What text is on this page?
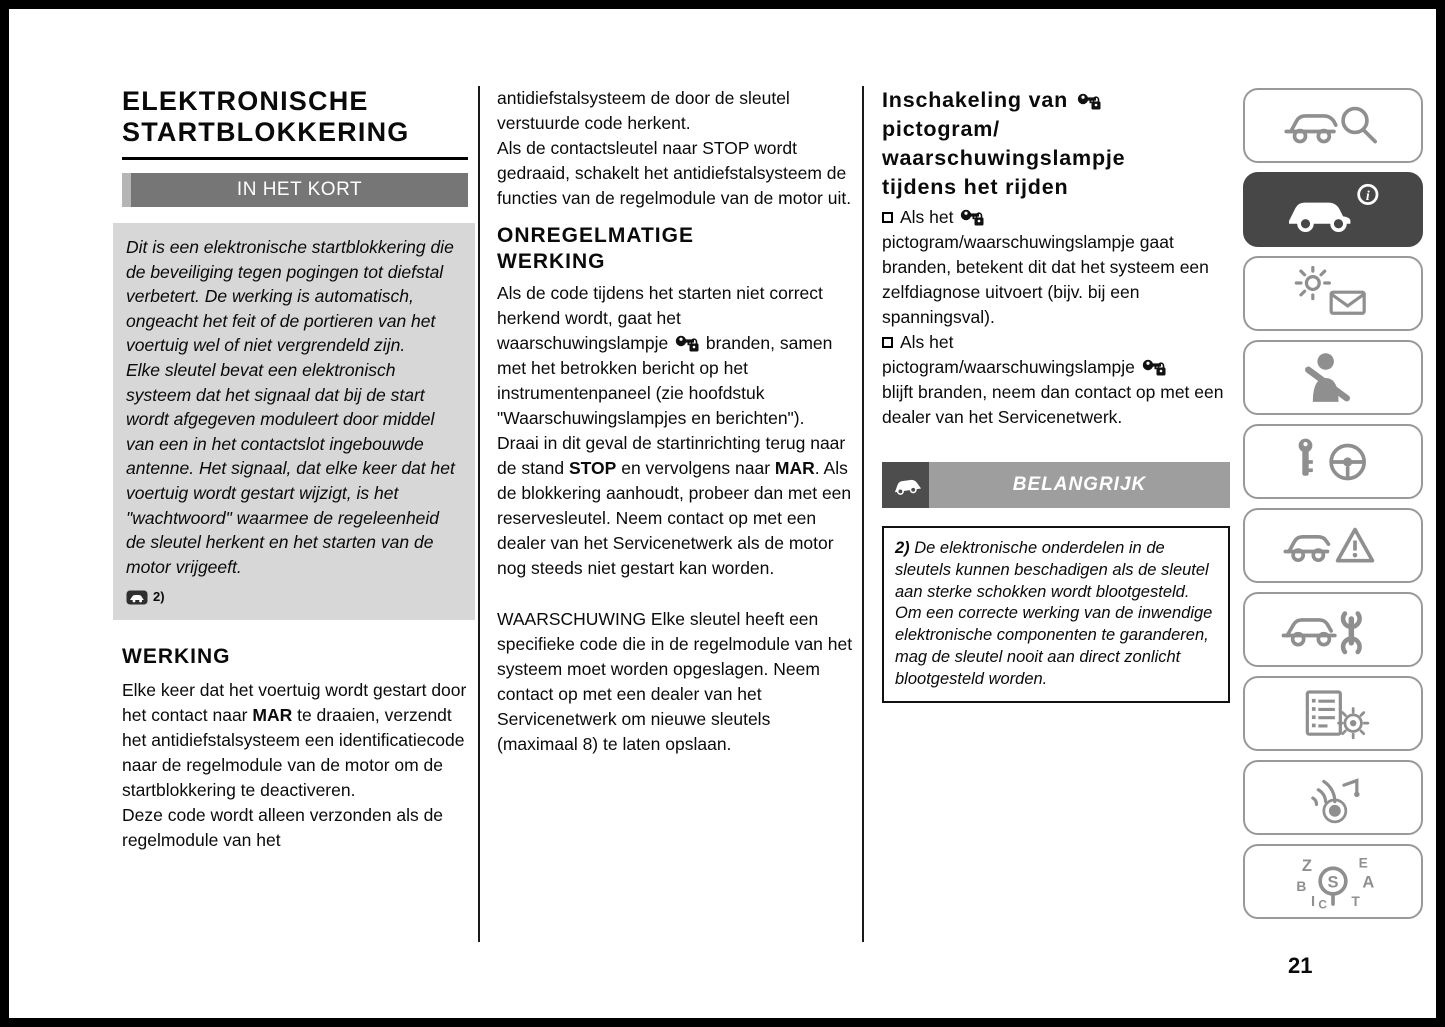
ELEKTRONISCHE
STARTBLOKKERING
IN HET KORT
Dit is een elektronische startblokkering die de beveiliging tegen pogingen tot diefstal verbetert. De werking is automatisch, ongeacht het feit of de portieren van het voertuig wel of niet vergrendeld zijn.
Elke sleutel bevat een elektronisch systeem dat het signaal dat bij de start wordt afgegeven moduleert door middel van een in het contactslot ingebouwde antenne. Het signaal, dat elke keer dat het voertuig wordt gestart wijzigt, is het "wachtwoord" waarmee de regeleenheid de sleutel herkent en het starten van de motor vrijgeeft.
2)
WERKING

Elke keer dat het voertuig wordt gestart door het contact naar MAR te draaien, verzendt het antidiefstalsysteem een identificatiecode naar de regelmodule van de motor om de startblokkering te deactiveren.

Deze code wordt alleen verzonden als de regelmodule van het

antidiefstalsysteem de door de sleutel verstuurde code herkent.

Als de contactsleutel naar STOP wordt gedraaid, schakelt het antidiefstalsysteem de functies van de regelmodule van de motor uit.

ONREGELMATIGE
WERKING

Als de code tijdens het starten niet correct herkend wordt, gaat het waarschuwingslampje  branden, samen met het betrokken bericht op het instrumentenpaneel (zie hoofdstuk "Waarschuwingslampjes en berichten").

Draai in dit geval de startinrichting terug naar de stand STOP en vervolgens naar MAR. Als de blokkering aanhoudt, probeer dan met een reservesleutel. Neem contact op met een dealer van het Servicenetwerk als de motor nog steeds niet gestart kan worden.

WAARSCHUWING Elke sleutel heeft een specifieke code die in de regelmodule van het systeem moet worden opgeslagen. Neem contact op met een dealer van het Servicenetwerk om nieuwe sleutels (maximaal 8) te laten opslaan.

Inschakeling van
pictogram/
waarschuwingslampje
tijdens het rijden

Als het
pictogram/waarschuwingslampje gaat branden, betekent dit dat het systeem een zelfdiagnose uitvoert (bijv. bij een spanningsval).

Als het
pictogram/waarschuwingslampje
blijft branden, neem dan contact op met een dealer van het Servicenetwerk.

BELANGRIJK
2) De elektronische onderdelen in de sleutels kunnen beschadigen als de sleutel aan sterke schokken wordt blootgesteld. Om een correcte werking van de inwendige elektronische componenten te garanderen, mag de sleutel nooit aan direct zonlicht blootgesteld worden.
i
Z	E
B	A
I C T
S
21
